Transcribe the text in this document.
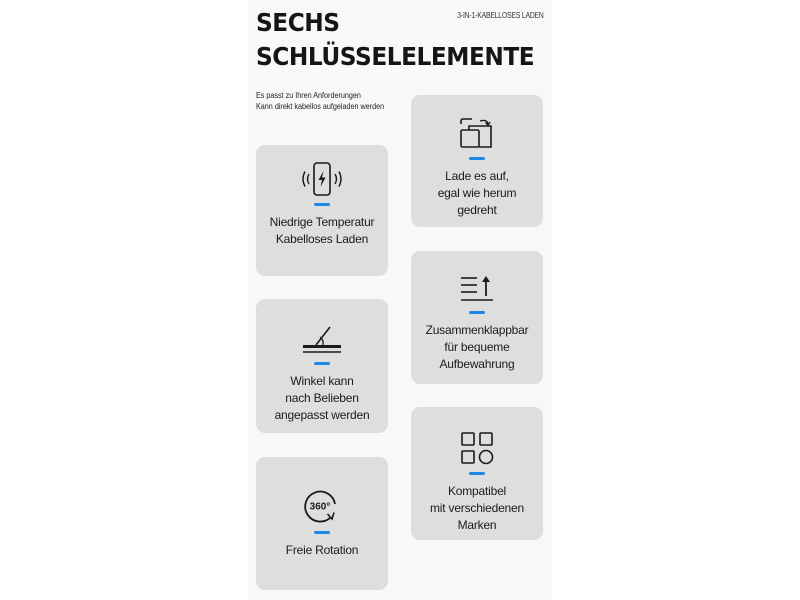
SECHS
SCHLÜSSELELEMENTE
3-IN-1-KABELLOSES LADEN
Es passt zu Ihren Anforderungen
Kann direkt kabellos aufgeladen werden
Niedrige Temperatur
Kabelloses Laden
Lade es auf,
egal wie herum
gedreht
Winkel kann
nach Belieben
angepasst werden
Zusammenklappbar
für bequeme
Aufbewahrung
360°
Freie Rotation
Kompatibel
mit verschiedenen
Marken
